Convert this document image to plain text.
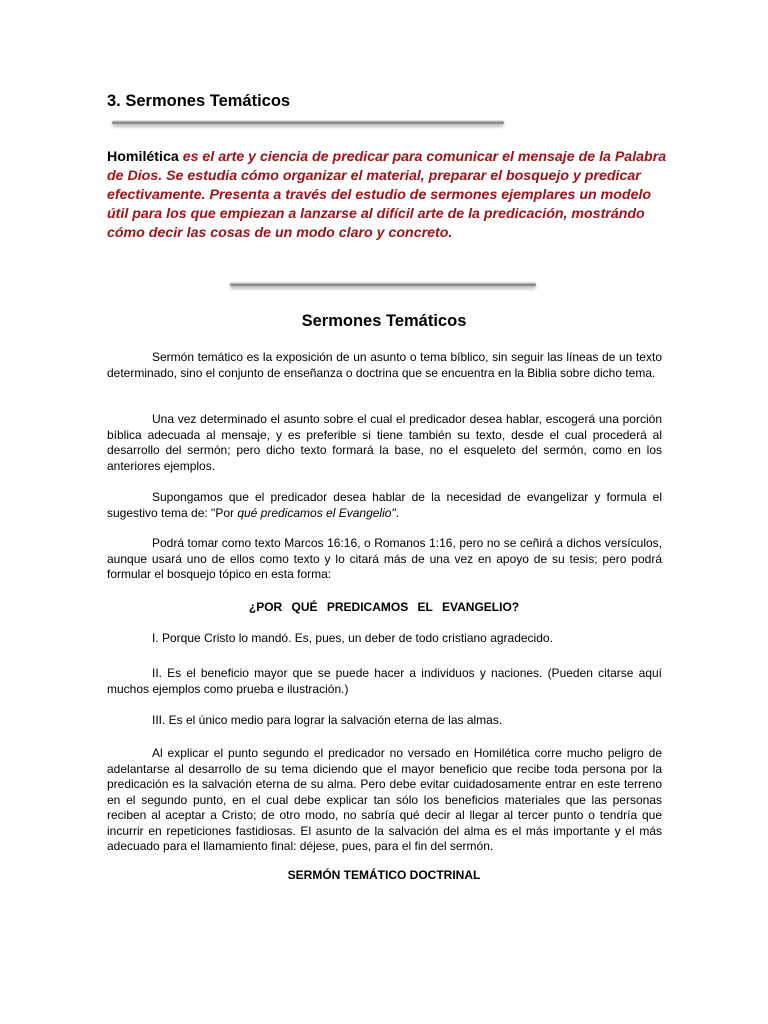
3. Sermones Temáticos

Homilética es el arte y ciencia de predicar para comunicar el mensaje de la Palabra de Dios. Se estudia cómo organizar el material, preparar el bosquejo y predicar efectivamente. Presenta a través del estudio de sermones ejemplares un modelo útil para los que empiezan a lanzarse al difícil arte de la predicación, mostrándo cómo decir las cosas de un modo claro y concreto.

Sermones Temáticos

Sermón temático es la exposición de un asunto o tema bíblico, sin seguir las líneas de un texto determinado, sino el conjunto de enseñanza o doctrina que se encuentra en la Biblia sobre dicho tema.

Una vez determinado el asunto sobre el cual el predicador desea hablar, escogerá una porción bíblica adecuada al mensaje, y es preferible si tiene también su texto, desde el cual procederá al desarrollo del sermón; pero dicho texto formará la base, no el esqueleto del sermón, como en los anteriores ejemplos.

Supongamos que el predicador desea hablar de la necesidad de evangelizar y formula el sugestivo tema de: "Por qué predicamos el Evangelio".

Podrá tomar como texto Marcos 16:16, o Romanos 1:16, pero no se ceñirá a dichos versículos, aunque usará uno de ellos como texto y lo citará más de una vez en apoyo de su tesis; pero podrá formular el bosquejo tópico en esta forma:

¿POR QUÉ PREDICAMOS EL EVANGELIO?

I. Porque Cristo lo mandó. Es, pues, un deber de todo cristiano agradecido.

II. Es el beneficio mayor que se puede hacer a individuos y naciones. (Pueden citarse aquí muchos ejemplos como prueba e ilustración.)

III. Es el único medio para lograr la salvación eterna de las almas.

Al explicar el punto segundo el predicador no versado en Homilética corre mucho peligro de adelantarse al desarrollo de su tema diciendo que el mayor beneficio que recibe toda persona por la predicación es la salvación eterna de su alma. Pero debe evitar cuidadosamente entrar en este terreno en el segundo punto, en el cual debe explicar tan sólo los beneficios materiales que las personas reciben al aceptar a Cristo; de otro modo, no sabría qué decir al llegar al tercer punto o tendría que incurrir en repeticiones fastidiosas. El asunto de la salvación del alma es el más importante y el más adecuado para el llamamiento final: déjese, pues, para el fin del sermón.

SERMÓN TEMÁTICO DOCTRINAL
